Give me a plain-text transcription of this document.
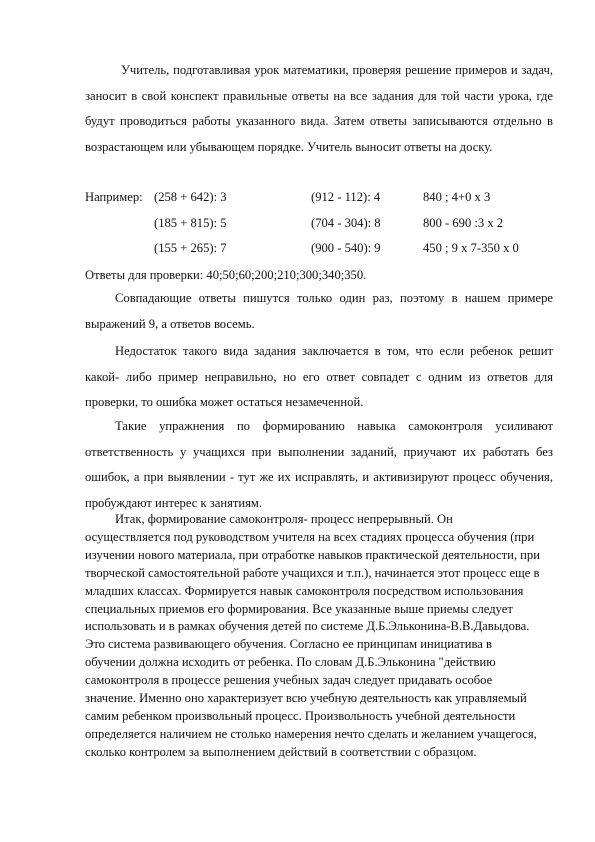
Учитель, подготавливая урок математики, проверяя решение примеров и задач, заносит в свой конспект правильные ответы на все задания для той части урока, где будут проводиться работы указанного вида. Затем ответы записываются отдельно в возрастающем или убывающем порядке. Учитель выносит ответы на доску.

Например: (258 + 642): 3	(912 - 112): 4	840 ; 4+0 x 3
(185 + 815): 5	(704 - 304): 8	800 - 690 :3 x 2
(155 + 265): 7	(900 - 540): 9	450 ; 9 x 7-350 x 0

Ответы для проверки: 40;50;60;200;210;300;340;350.

Совпадающие ответы пишутся только один раз, поэтому в нашем примере выражений 9, а ответов восемь.

Недостаток такого вида задания заключается в том, что если ребенок решит какой- либо пример неправильно, но его ответ совпадет с одним из ответов для проверки, то ошибка может остаться незамеченной.

Такие упражнения по формированию навыка самоконтроля усиливают ответственность у учащихся при выполнении заданий, приучают их работать без ошибок, а при выявлении - тут же их исправлять, и активизируют процесс обучения, пробуждают интерес к занятиям.

Итак, формирование самоконтроля- процесс непрерывный. Он осуществляется под руководством учителя на всех стадиях процесса обучения (при изучении нового материала, при отработке навыков практической деятельности, при творческой самостоятельной работе учащихся и т.п.), начинается этот процесс еще в младших классах. Формируется навык самоконтроля посредством использования специальных приемов его формирования. Все указанные выше приемы следует использовать и в рамках обучения детей по системе Д.Б.Эльконина-В.В.Давыдова. Это система развивающего обучения. Согласно ее принципам инициатива в обучении должна исходить от ребенка. По словам Д.Б.Эльконина "действию самоконтроля в процессе решения учебных задач следует придавать особое значение. Именно оно характеризует всю учебную деятельность как управляемый самим ребенком произвольный процесс. Произвольность учебной деятельности определяется наличием не столько намерения нечто сделать и желанием учащегося, сколько контролем за выполнением действий в соответствии с образцом.
